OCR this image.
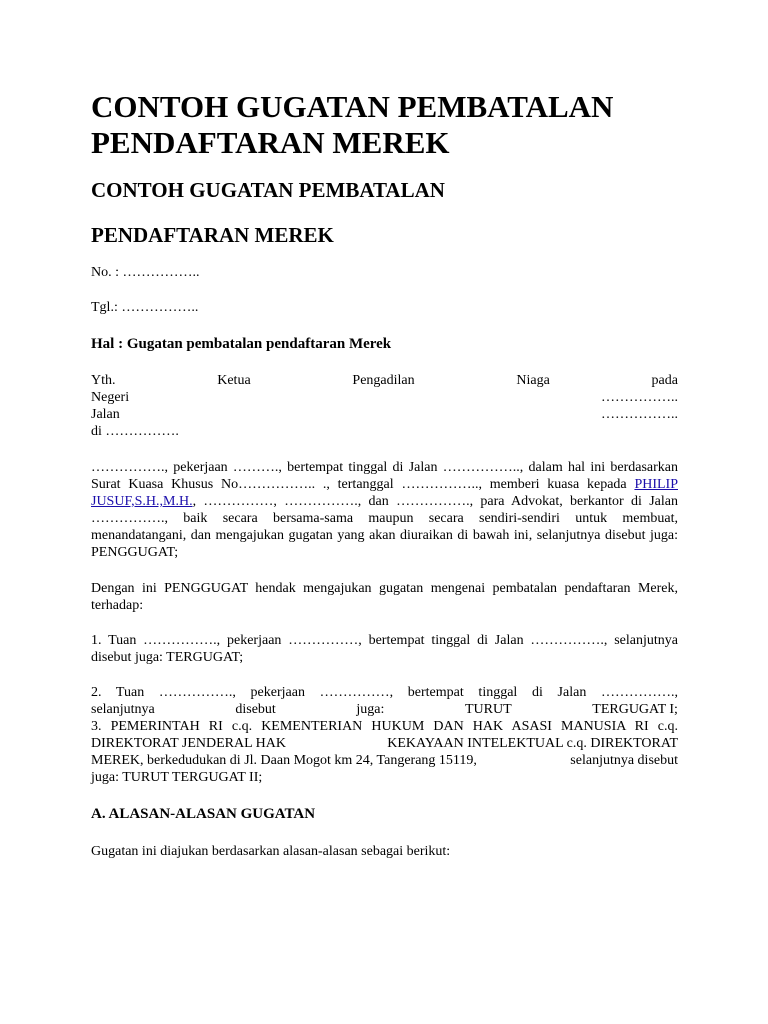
CONTOH GUGATAN PEMBATALAN PENDAFTARAN MEREK
CONTOH GUGATAN PEMBATALAN
PENDAFTARAN MEREK

No. : ……………..

Tgl.: ……………..

Hal : Gugatan pembatalan pendaftaran Merek

Yth.	Ketua	Pengadilan	Niaga	pada
Negeri	……………..
Jalan	……………..
di …………….

……………., pekerjaan ………., bertempat tinggal di Jalan …………….., dalam hal ini berdasarkan Surat Kuasa Khusus No…………….. ., tertanggal …………….., memberi kuasa kepada PHILIP JUSUF,S.H.,M.H., ……………, ……………., dan ……………., para Advokat, berkantor di Jalan ……………., baik secara bersama-sama maupun secara sendiri-sendiri untuk membuat, menandatangani, dan mengajukan gugatan yang akan diuraikan di bawah ini, selanjutnya disebut juga: PENGGUGAT;

Dengan ini PENGGUGAT hendak mengajukan gugatan mengenai pembatalan pendaftaran Merek, terhadap:

1. Tuan ……………., pekerjaan ……………, bertempat tinggal di Jalan ……………., selanjutnya disebut juga: TERGUGAT;

2. Tuan ……………., pekerjaan ……………, bertempat tinggal di Jalan …………….,
selanjutnya	disebut	juga:	TURUT	TERGUGAT I;
3. PEMERINTAH RI c.q. KEMENTERIAN HUKUM DAN HAK ASASI MANUSIA RI c.q.
DIREKTORAT JENDERAL HAK	KEKAYAAN INTELEKTUAL c.q. DIREKTORAT
MEREK, berkedudukan di Jl. Daan Mogot km 24, Tangerang 15119,	selanjutnya disebut
juga: TURUT TERGUGAT II;

A. ALASAN-ALASAN GUGATAN

Gugatan ini diajukan berdasarkan alasan-alasan sebagai berikut:
